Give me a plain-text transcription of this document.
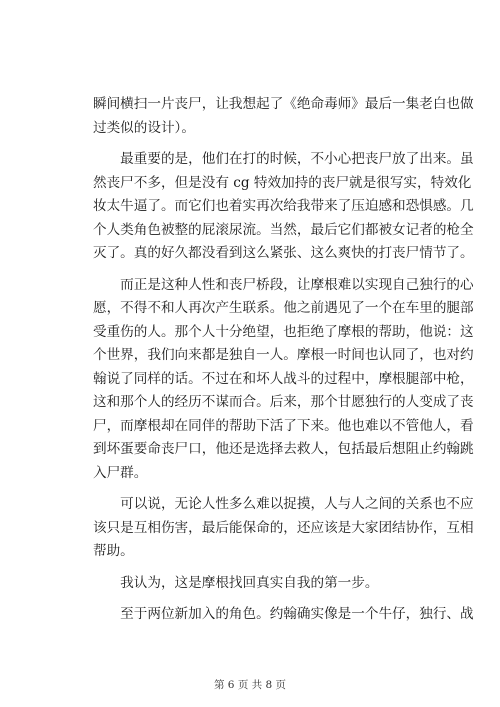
瞬间横扫一片丧尸，让我想起了《绝命毒师》最后一集老白也做
过类似的设计）。
　　最重要的是，他们在打的时候，不小心把丧尸放了出来。虽
然丧尸不多，但是没有 cg 特效加持的丧尸就是很写实，特效化
妆太牛逼了。而它们也着实再次给我带来了压迫感和恐惧感。几
个人类角色被整的屁滚尿流。当然，最后它们都被女记者的枪全
灭了。真的好久都没看到这么紧张、这么爽快的打丧尸情节了。
　　而正是这种人性和丧尸桥段，让摩根难以实现自己独行的心
愿，不得不和人再次产生联系。他之前遇见了一个在车里的腿部
受重伤的人。那个人十分绝望，也拒绝了摩根的帮助，他说：这
个世界，我们向来都是独自一人。摩根一时间也认同了，也对约
翰说了同样的话。不过在和坏人战斗的过程中，摩根腿部中枪，
这和那个人的经历不谋而合。后来，那个甘愿独行的人变成了丧
尸，而摩根却在同伴的帮助下活了下来。他也难以不管他人，看
到坏蛋要命丧尸口，他还是选择去救人，包括最后想阻止约翰跳
入尸群。
　　可以说，无论人性多么难以捉摸，人与人之间的关系也不应
该只是互相伤害，最后能保命的，还应该是大家团结协作，互相
帮助。
　　我认为，这是摩根找回真实自我的第一步。
　　至于两位新加入的角色。约翰确实像是一个牛仔，独行、战
第 6 页 共 8 页
